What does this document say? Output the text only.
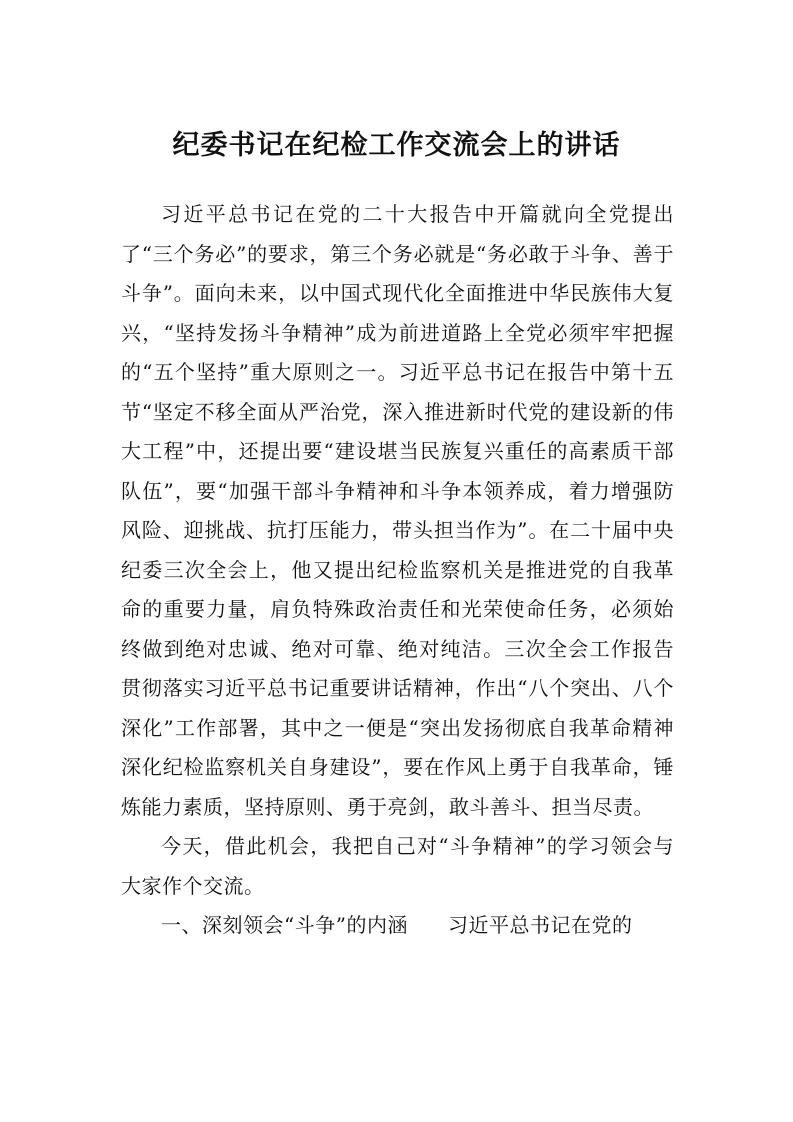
纪委书记在纪检工作交流会上的讲话

习近平总书记在党的二十大报告中开篇就向全党提出了“三个务必”的要求，第三个务必就是“务必敢于斗争、善于斗争”。面向未来，以中国式现代化全面推进中华民族伟大复兴，“坚持发扬斗争精神”成为前进道路上全党必须牢牢把握的“五个坚持”重大原则之一。习近平总书记在报告中第十五节“坚定不移全面从严治党，深入推进新时代党的建设新的伟大工程”中，还提出要“建设堪当民族复兴重任的高素质干部队伍”，要“加强干部斗争精神和斗争本领养成，着力增强防风险、迎挑战、抗打压能力，带头担当作为”。在二十届中央纪委三次全会上，他又提出纪检监察机关是推进党的自我革命的重要力量，肩负特殊政治责任和光荣使命任务，必须始终做到绝对忠诚、绝对可靠、绝对纯洁。三次全会工作报告贯彻落实习近平总书记重要讲话精神，作出“八个突出、八个深化”工作部署，其中之一便是“突出发扬彻底自我革命精神深化纪检监察机关自身建设”，要在作风上勇于自我革命，锤炼能力素质，坚持原则、勇于亮剑，敢斗善斗、担当尽责。

今天，借此机会，我把自己对“斗争精神”的学习领会与大家作个交流。

一、深刻领会“斗争”的内涵 习近平总书记在党的
